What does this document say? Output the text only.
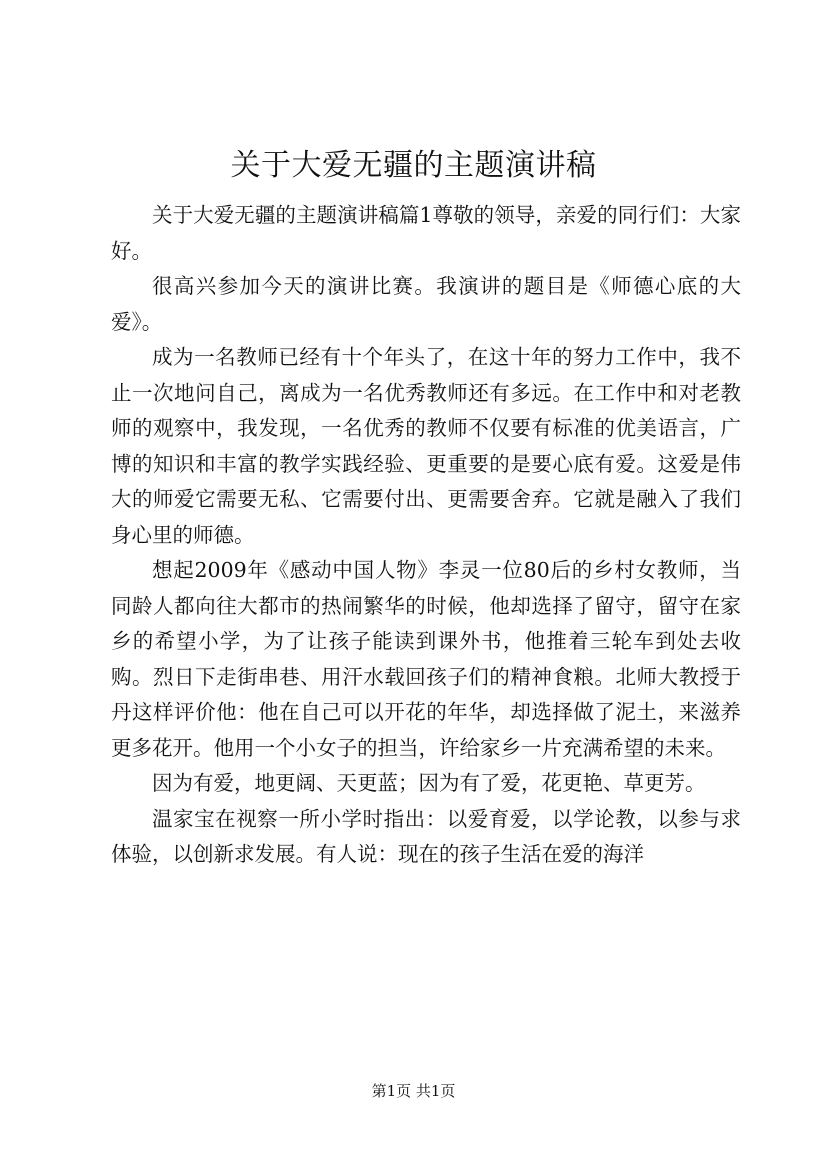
关于大爱无疆的主题演讲稿

关于大爱无疆的主题演讲稿篇1尊敬的领导，亲爱的同行们：大家好。

很高兴参加今天的演讲比赛。我演讲的题目是《师德心底的大爱》。

成为一名教师已经有十个年头了，在这十年的努力工作中，我不止一次地问自己，离成为一名优秀教师还有多远。在工作中和对老教师的观察中，我发现，一名优秀的教师不仅要有标准的优美语言，广博的知识和丰富的教学实践经验、更重要的是要心底有爱。这爱是伟大的师爱它需要无私、它需要付出、更需要舍弃。它就是融入了我们身心里的师德。

想起2009年《感动中国人物》李灵一位80后的乡村女教师，当同龄人都向往大都市的热闹繁华的时候，他却选择了留守，留守在家乡的希望小学，为了让孩子能读到课外书，他推着三轮车到处去收购。烈日下走街串巷、用汗水载回孩子们的精神食粮。北师大教授于丹这样评价他：他在自己可以开花的年华，却选择做了泥土，来滋养更多花开。他用一个小女子的担当，许给家乡一片充满希望的未来。

因为有爱，地更阔、天更蓝；因为有了爱，花更艳、草更芳。

温家宝在视察一所小学时指出：以爱育爱，以学论教，以参与求体验，以创新求发展。有人说：现在的孩子生活在爱的海洋

第1页 共1页
